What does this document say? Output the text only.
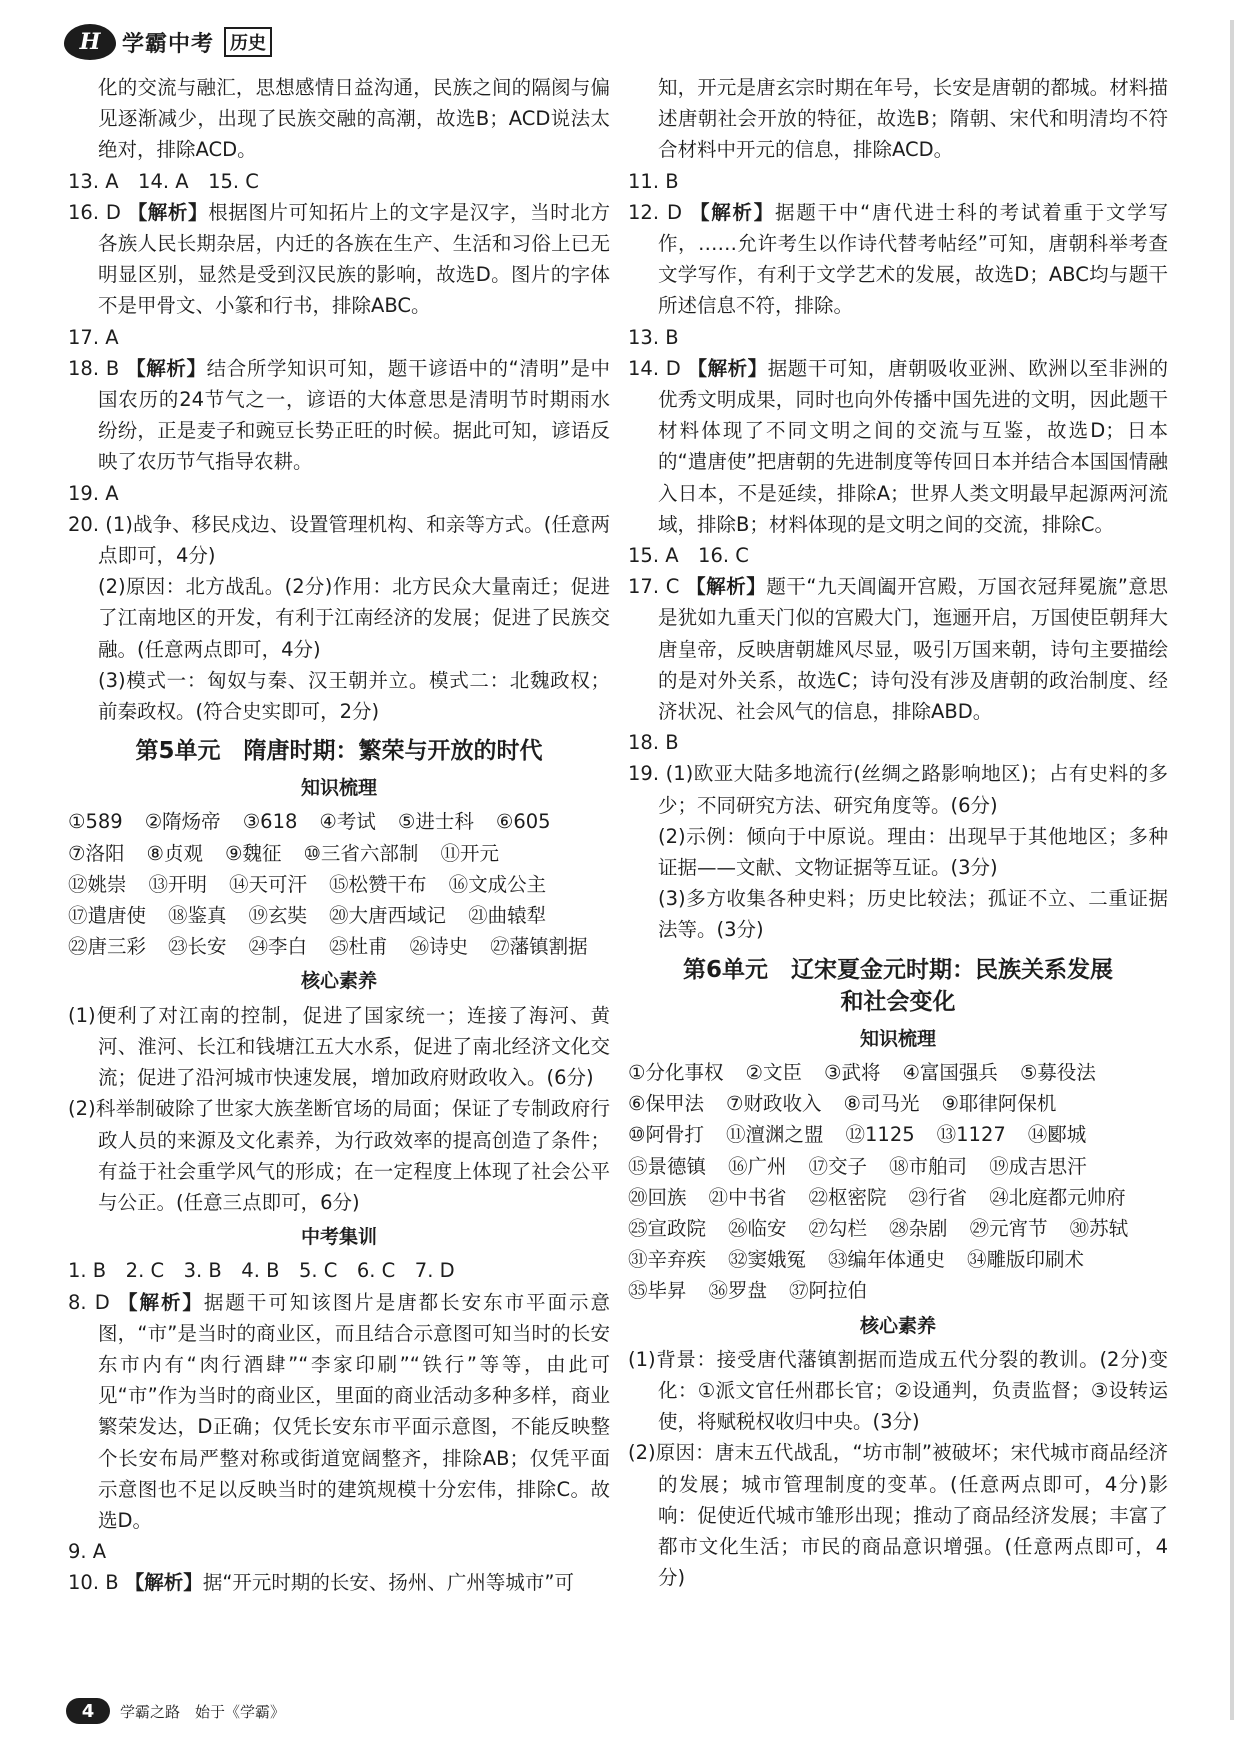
H 学霸中考 历史

化的交流与融汇，思想感情日益沟通，民族之间的隔阂与偏见逐渐减少，出现了民族交融的高潮，故选B；ACD说法太绝对，排除ACD。

13. A　14. A　15. C

16. D 【解析】根据图片可知拓片上的文字是汉字，当时北方各族人民长期杂居，内迁的各族在生产、生活和习俗上已无明显区别，显然是受到汉民族的影响，故选D。图片的字体不是甲骨文、小篆和行书，排除ABC。

17. A

18. B 【解析】结合所学知识可知，题干谚语中的“清明”是中国农历的24节气之一，谚语的大体意思是清明节时期雨水纷纷，正是麦子和豌豆长势正旺的时候。据此可知，谚语反映了农历节气指导农耕。

19. A

20. (1)战争、移民戍边、设置管理机构、和亲等方式。(任意两点即可，4分)

(2)原因：北方战乱。(2分)作用：北方民众大量南迁；促进了江南地区的开发，有利于江南经济的发展；促进了民族交融。(任意两点即可，4分)

(3)模式一：匈奴与秦、汉王朝并立。模式二：北魏政权；前秦政权。(符合史实即可，2分)

第5单元　隋唐时期：繁荣与开放的时代
知识梳理

①589 ②隋炀帝 ③618 ④考试 ⑤进士科 ⑥605

⑦洛阳 ⑧贞观 ⑨魏征 ⑩三省六部制 ⑪开元

⑫姚崇 ⑬开明 ⑭天可汗 ⑮松赞干布 ⑯文成公主

⑰遣唐使 ⑱鉴真 ⑲玄奘 ⑳大唐西域记 ㉑曲辕犁

㉒唐三彩 ㉓长安 ㉔李白 ㉕杜甫 ㉖诗史 ㉗藩镇割据

核心素养

(1)便利了对江南的控制，促进了国家统一；连接了海河、黄河、淮河、长江和钱塘江五大水系，促进了南北经济文化交流；促进了沿河城市快速发展，增加政府财政收入。(6分)

(2)科举制破除了世家大族垄断官场的局面；保证了专制政府行政人员的来源及文化素养，为行政效率的提高创造了条件；有益于社会重学风气的形成；在一定程度上体现了社会公平与公正。(任意三点即可，6分)

中考集训

1. B　2. C　3. B　4. B　5. C　6. C　7. D

8. D 【解析】据题干可知该图片是唐都长安东市平面示意图，“市”是当时的商业区，而且结合示意图可知当时的长安东市内有“肉行酒肆”“李家印刷”“铁行”等等，由此可见“市”作为当时的商业区，里面的商业活动多种多样，商业繁荣发达，D正确；仅凭长安东市平面示意图，不能反映整个长安布局严整对称或街道宽阔整齐，排除AB；仅凭平面示意图也不足以反映当时的建筑规模十分宏伟，排除C。故选D。

9. A

10. B 【解析】据“开元时期的长安、扬州、广州等城市”可

知，开元是唐玄宗时期在年号，长安是唐朝的都城。材料描述唐朝社会开放的特征，故选B；隋朝、宋代和明清均不符合材料中开元的信息，排除ACD。

11. B

12. D 【解析】据题干中“唐代进士科的考试着重于文学写作，……允许考生以作诗代替考帖经”可知，唐朝科举考查文学写作，有利于文学艺术的发展，故选D；ABC均与题干所述信息不符，排除。

13. B

14. D 【解析】据题干可知，唐朝吸收亚洲、欧洲以至非洲的优秀文明成果，同时也向外传播中国先进的文明，因此题干材料体现了不同文明之间的交流与互鉴，故选D；日本的“遣唐使”把唐朝的先进制度等传回日本并结合本国国情融入日本，不是延续，排除A；世界人类文明最早起源两河流域，排除B；材料体现的是文明之间的交流，排除C。

15. A　16. C

17. C 【解析】题干“九天阊阖开宫殿，万国衣冠拜冕旒”意思是犹如九重天门似的宫殿大门，迤逦开启，万国使臣朝拜大唐皇帝，反映唐朝雄风尽显，吸引万国来朝，诗句主要描绘的是对外关系，故选C；诗句没有涉及唐朝的政治制度、经济状况、社会风气的信息，排除ABD。

18. B

19. (1)欧亚大陆多地流行(丝绸之路影响地区)；占有史料的多少；不同研究方法、研究角度等。(6分)

(2)示例：倾向于中原说。理由：出现早于其他地区；多种证据——文献、文物证据等互证。(3分)

(3)多方收集各种史料；历史比较法；孤证不立、二重证据法等。(3分)

第6单元　辽宋夏金元时期：民族关系发展
和社会变化
知识梳理

①分化事权 ②文臣 ③武将 ④富国强兵 ⑤募役法

⑥保甲法 ⑦财政收入 ⑧司马光 ⑨耶律阿保机

⑩阿骨打 ⑪澶渊之盟 ⑫1125 ⑬1127 ⑭郾城

⑮景德镇 ⑯广州 ⑰交子 ⑱市舶司 ⑲成吉思汗

⑳回族 ㉑中书省 ㉒枢密院 ㉓行省 ㉔北庭都元帅府

㉕宣政院 ㉖临安 ㉗勾栏 ㉘杂剧 ㉙元宵节 ㉚苏轼

㉛辛弃疾 ㉜窦娥冤 ㉝编年体通史 ㉞雕版印刷术

㉟毕昇 ㊱罗盘 ㊲阿拉伯

核心素养

(1)背景：接受唐代藩镇割据而造成五代分裂的教训。(2分)变化：①派文官任州郡长官；②设通判，负责监督；③设转运使，将赋税权收归中央。(3分)

(2)原因：唐末五代战乱，“坊市制”被破坏；宋代城市商品经济的发展；城市管理制度的变革。(任意两点即可，4分)影响：促使近代城市雏形出现；推动了商品经济发展；丰富了都市文化生活；市民的商品意识增强。(任意两点即可，4分)

4	学霸之路　始于《学霸》
